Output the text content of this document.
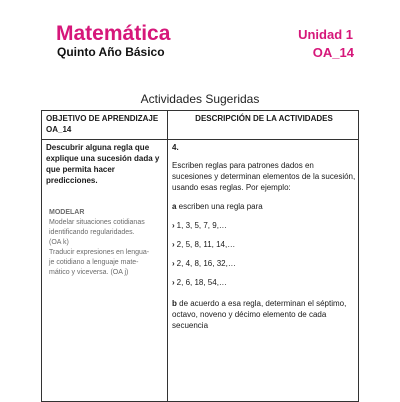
Matemática
Quinto Año Básico
Unidad 1
OA_14
Actividades Sugeridas
OBJETIVO DE APRENDIZAJE OA_14
DESCRIPCIÓN DE LA ACTIVIDADES
Descubrir alguna regla que explique una sucesión dada y que permita hacer predicciones.
MODELAR
Modelar situaciones cotidianas
identificando regularidades.
(OA k)
Traducir expresiones en lengua-
je cotidiano a lenguaje mate-
mático y viceversa. (OA j)
4.
Escriben reglas para patrones dados en sucesiones y determinan elementos de la sucesión, usando esas reglas. Por ejemplo:
a escriben una regla para
› 1, 3, 5, 7, 9,…
› 2, 5, 8, 11, 14,…
› 2, 4, 8, 16, 32,…
› 2, 6, 18, 54,…
b de acuerdo a esa regla, determinan el séptimo, octavo, noveno y décimo elemento de cada secuencia
